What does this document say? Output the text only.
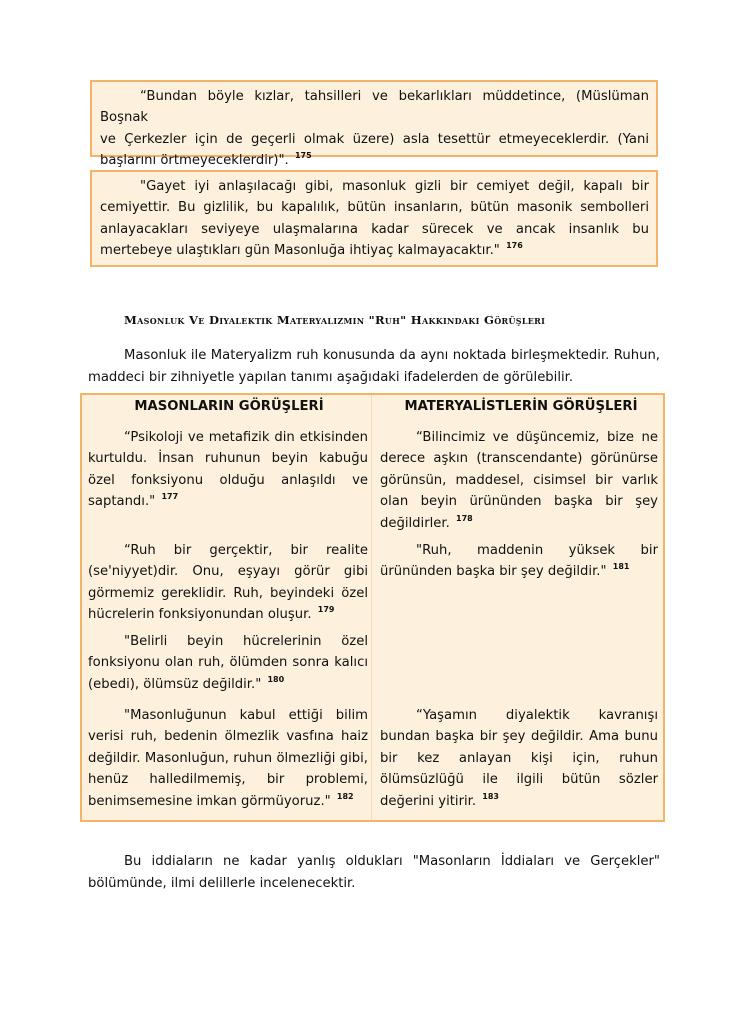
“Bundan böyle kızlar, tahsilleri ve bekarlıkları müddetince, (Müslüman Boşnak
ve Çerkezler için de geçerli olmak üzere) asla tesettür etmeyeceklerdir. (Yani
başlarını örtmeyeceklerdir)". $^{175}$

"Gayet iyi anlaşılacağı gibi, masonluk gizli bir cemiyet değil, kapalı bir cemiyettir. Bu gizlilik, bu kapalılık, bütün insanların, bütün masonik sembolleri anlayacakları seviyeye ulaşmalarına kadar sürecek ve ancak insanlık bu mertebeye ulaştıkları gün Masonluğa ihtiyaç kalmayacaktır." $^{176}$

Masonluk Ve Diyalektik Materyalizmin "Ruh" Hakkındaki Görüşleri

Masonluk ile Materyalizm ruh konusunda da aynı noktada birleşmektedir. Ruhun, maddeci bir zihniyetle yapılan tanımı aşağıdaki ifadelerden de görülebilir.

MASONLARIN GÖRÜŞLERİ	MATERYALİSTLERİN GÖRÜŞLERİ

“Psikoloji ve metafizik din etkisinden kurtuldu. İnsan ruhunun beyin kabuğu özel fonksiyonu olduğu anlaşıldı ve saptandı." $^{177}$

“Ruh bir gerçektir, bir realite (se'niyyet)dir. Onu, eşyayı görür gibi görmemiz gereklidir. Ruh, beyindeki özel hücrelerin fonksiyonundan oluşur. $^{179}$

"Belirli beyin hücrelerinin özel fonksiyonu olan ruh, ölümden sonra kalıcı (ebedi), ölümsüz değildir." $^{180}$

"Masonluğunun kabul ettiği bilim verisi ruh, bedenin ölmezlik vasfına haiz değildir. Masonluğun, ruhun ölmezliği gibi, henüz halledilmemiş, bir problemi, benimsemesine imkan görmüyoruz." $^{182}$

“Bilincimiz ve düşüncemiz, bize ne derece aşkın (transcendante) görünürse görünsün, maddesel, cisimsel bir varlık olan beyin ürününden başka bir şey değildirler. $^{178}$

"Ruh, maddenin yüksek bir ürününden başka bir şey değildir." $^{181}$

“Yaşamın diyalektik kavranışı bundan başka bir şey değildir. Ama bunu bir kez anlayan kişi için, ruhun ölümsüzlüğü ile ilgili bütün sözler değerini yitirir. $^{183}$

Bu iddiaların ne kadar yanlış oldukları "Masonların İddiaları ve Gerçekler" bölümünde, ilmi delillerle incelenecektir.
